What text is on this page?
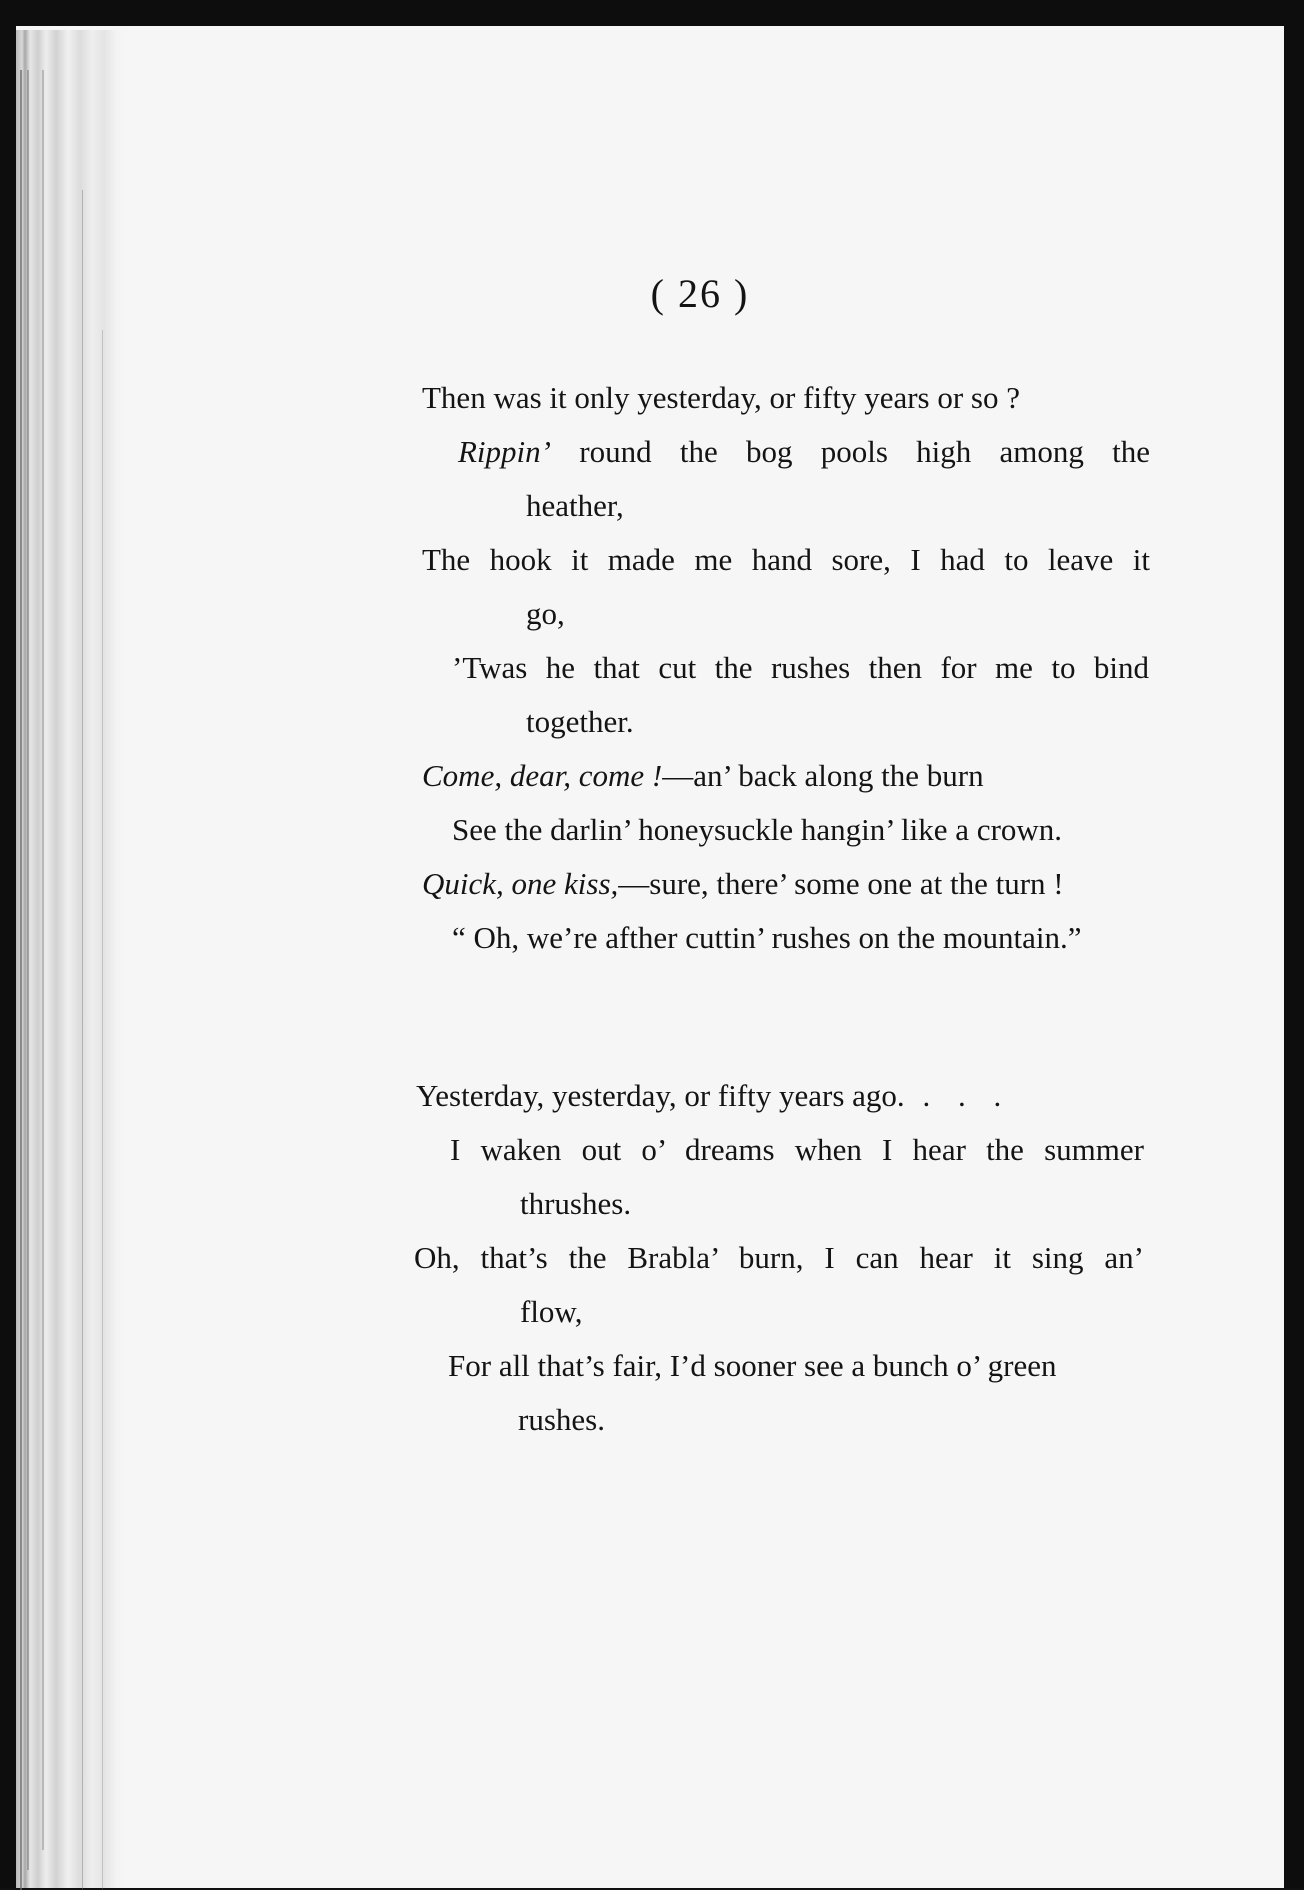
( 26 )
Then was it only yesterday, or fifty years or so ?
Rippin’ round the bog pools high among the
heather,
The hook it made me hand sore, I had to leave it
go,
’Twas he that cut the rushes then for me to bind
together.
Come, dear, come !—an’ back along the burn
See the darlin’ honeysuckle hangin’ like a crown.
Quick, one kiss,—sure, there’ some one at the turn !
“ Oh, we’re afther cuttin’ rushes on the mountain.”
Yesterday, yesterday, or fifty years ago. . . .
I waken out o’ dreams when I hear the summer
thrushes.
Oh, that’s the Brabla’ burn, I can hear it sing an’
flow,
For all that’s fair, I’d sooner see a bunch o’ green
rushes.
